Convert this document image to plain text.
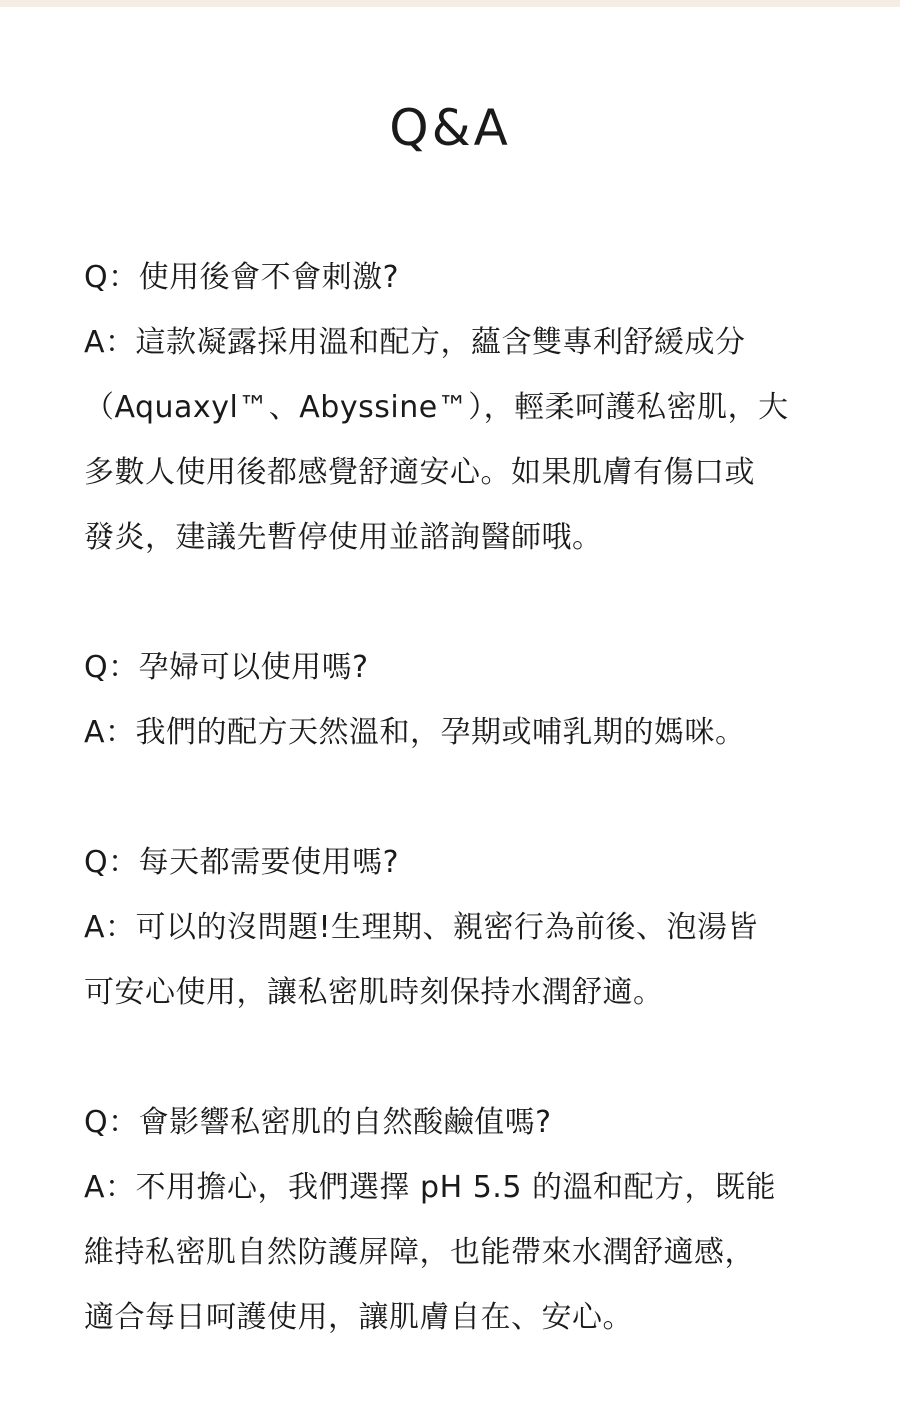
Q&A

Q：使用後會不會刺激?

A：這款凝露採用溫和配方，蘊含雙專利舒緩成分

（Aquaxyl™、Abyssine™），輕柔呵護私密肌，大

多數人使用後都感覺舒適安心。如果肌膚有傷口或

發炎，建議先暫停使用並諮詢醫師哦。

Q：孕婦可以使用嗎?

A：我們的配方天然溫和，孕期或哺乳期的媽咪。

Q：每天都需要使用嗎?

A：可以的沒問題!生理期、親密行為前後、泡湯皆

可安心使用，讓私密肌時刻保持水潤舒適。

Q：會影響私密肌的自然酸鹼值嗎?

A：不用擔心，我們選擇 pH 5.5 的溫和配方，既能

維持私密肌自然防護屏障，也能帶來水潤舒適感，

適合每日呵護使用，讓肌膚自在、安心。
